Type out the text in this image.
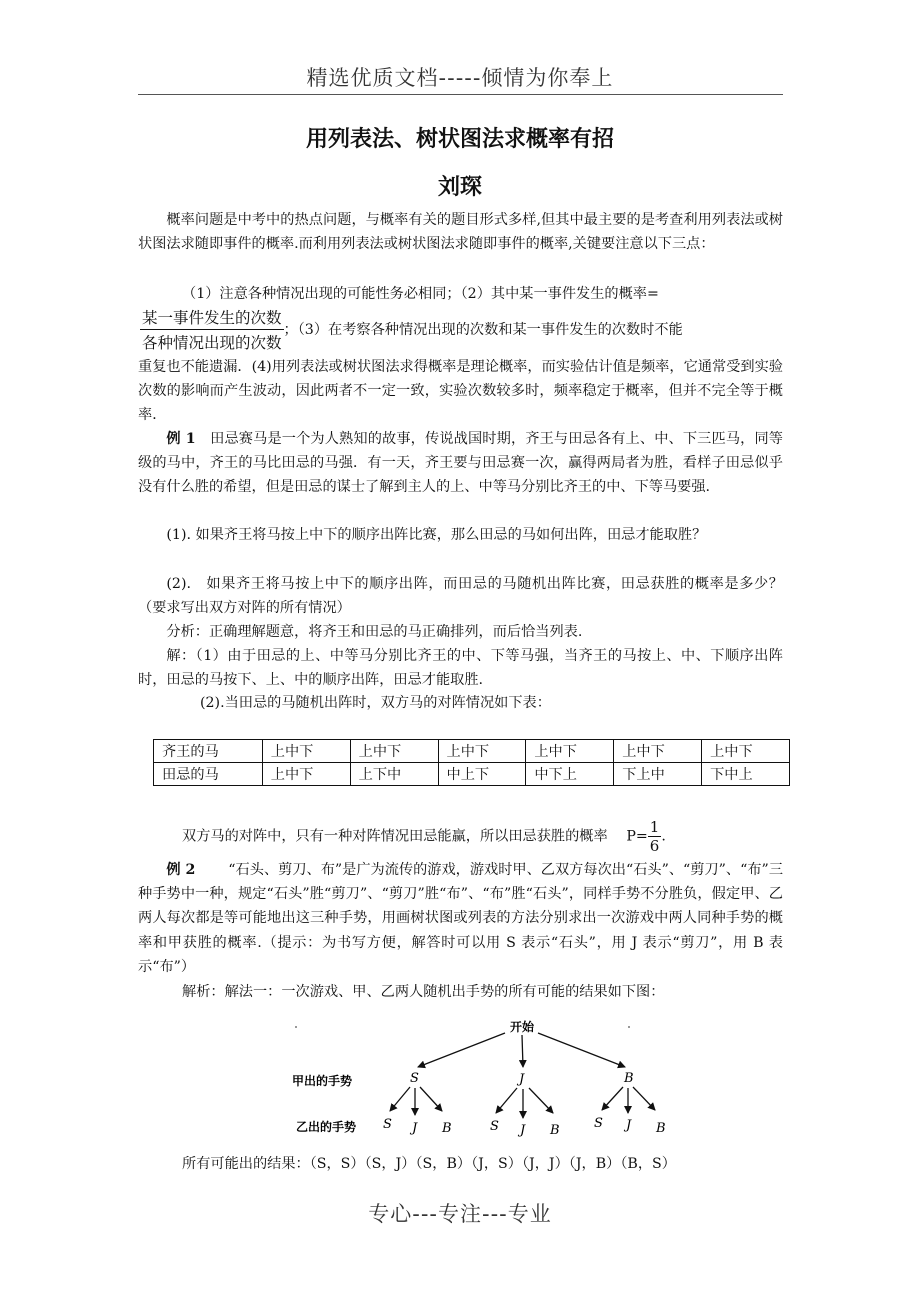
精选优质文档-----倾情为你奉上
用列表法、树状图法求概率有招
刘琛
概率问题是中考中的热点问题，与概率有关的题目形式多样,但其中最主要的是考查利用列表法或树状图法求随即事件的概率.而利用列表法或树状图法求随即事件的概率,关键要注意以下三点：
（1）注意各种情况出现的可能性务必相同；（2）其中某一事件发生的概率=
$\frac{\text{某一事件发生的次数}}{\text{各种情况出现的次数}}$ ；（3）在考察各种情况出现的次数和某一事件发生的次数时不能
重复也不能遗漏．(4)用列表法或树状图法求得概率是理论概率，而实验估计值是频率，它通常受到实验次数的影响而产生波动，因此两者不一定一致，实验次数较多时，频率稳定于概率，但并不完全等于概率．
例 1　 田忌赛马是一个为人熟知的故事，传说战国时期，齐王与田忌各有上、中、下三匹马，同等级的马中，齐王的马比田忌的马强．有一天，齐王要与田忌赛一次，赢得两局者为胜，看样子田忌似乎没有什么胜的希望，但是田忌的谋士了解到主人的上、中等马分别比齐王的中、下等马要强.
(1). 如果齐王将马按上中下的顺序出阵比赛，那么田忌的马如何出阵，田忌才能取胜？
(2).　如果齐王将马按上中下的顺序出阵，而田忌的马随机出阵比赛，田忌获胜的概率是多少？（要求写出双方对阵的所有情况）
分析：正确理解题意，将齐王和田忌的马正确排列，而后恰当列表.
解：（1）由于田忌的上、中等马分别比齐王的中、下等马强，当齐王的马按上、中、下顺序出阵时，田忌的马按下、上、中的顺序出阵，田忌才能取胜.
(2).当田忌的马随机出阵时，双方马的对阵情况如下表：
齐王的马	上中下	上中下	上中下	上中下	上中下	上中下
田忌的马	上中下	上下中	中上下	中下上	下上中	下中上
双方马的对阵中，只有一种对阵情况田忌能赢，所以田忌获胜的概率　 $P= \frac{1}{6}$ .
例 2　　 “石头、剪刀、布”是广为流传的游戏，游戏时甲、乙双方每次出“石头”、“剪刀”、“布”三种手势中一种，规定“石头”胜“剪刀”、“剪刀”胜“布”、“布”胜“石头”，同样手势不分胜负，假定甲、乙两人每次都是等可能地出这三种手势，用画树状图或列表的方法分别求出一次游戏中两人同种手势的概率和甲获胜的概率.（提示：为书写方便，解答时可以用 S 表示“石头”，用 J 表示“剪刀”，用 B 表示“布”）
解析：解法一：一次游戏、甲、乙两人随机出手势的所有可能的结果如下图：
开始
甲出的手势	S	J	B
乙出的手势 S J B	S J B	S J B
所有可能出的结果：（S，S）（S，J）（S，B）（J，S）（J，J）（J，B）（B，S）
专心---专注---专业
